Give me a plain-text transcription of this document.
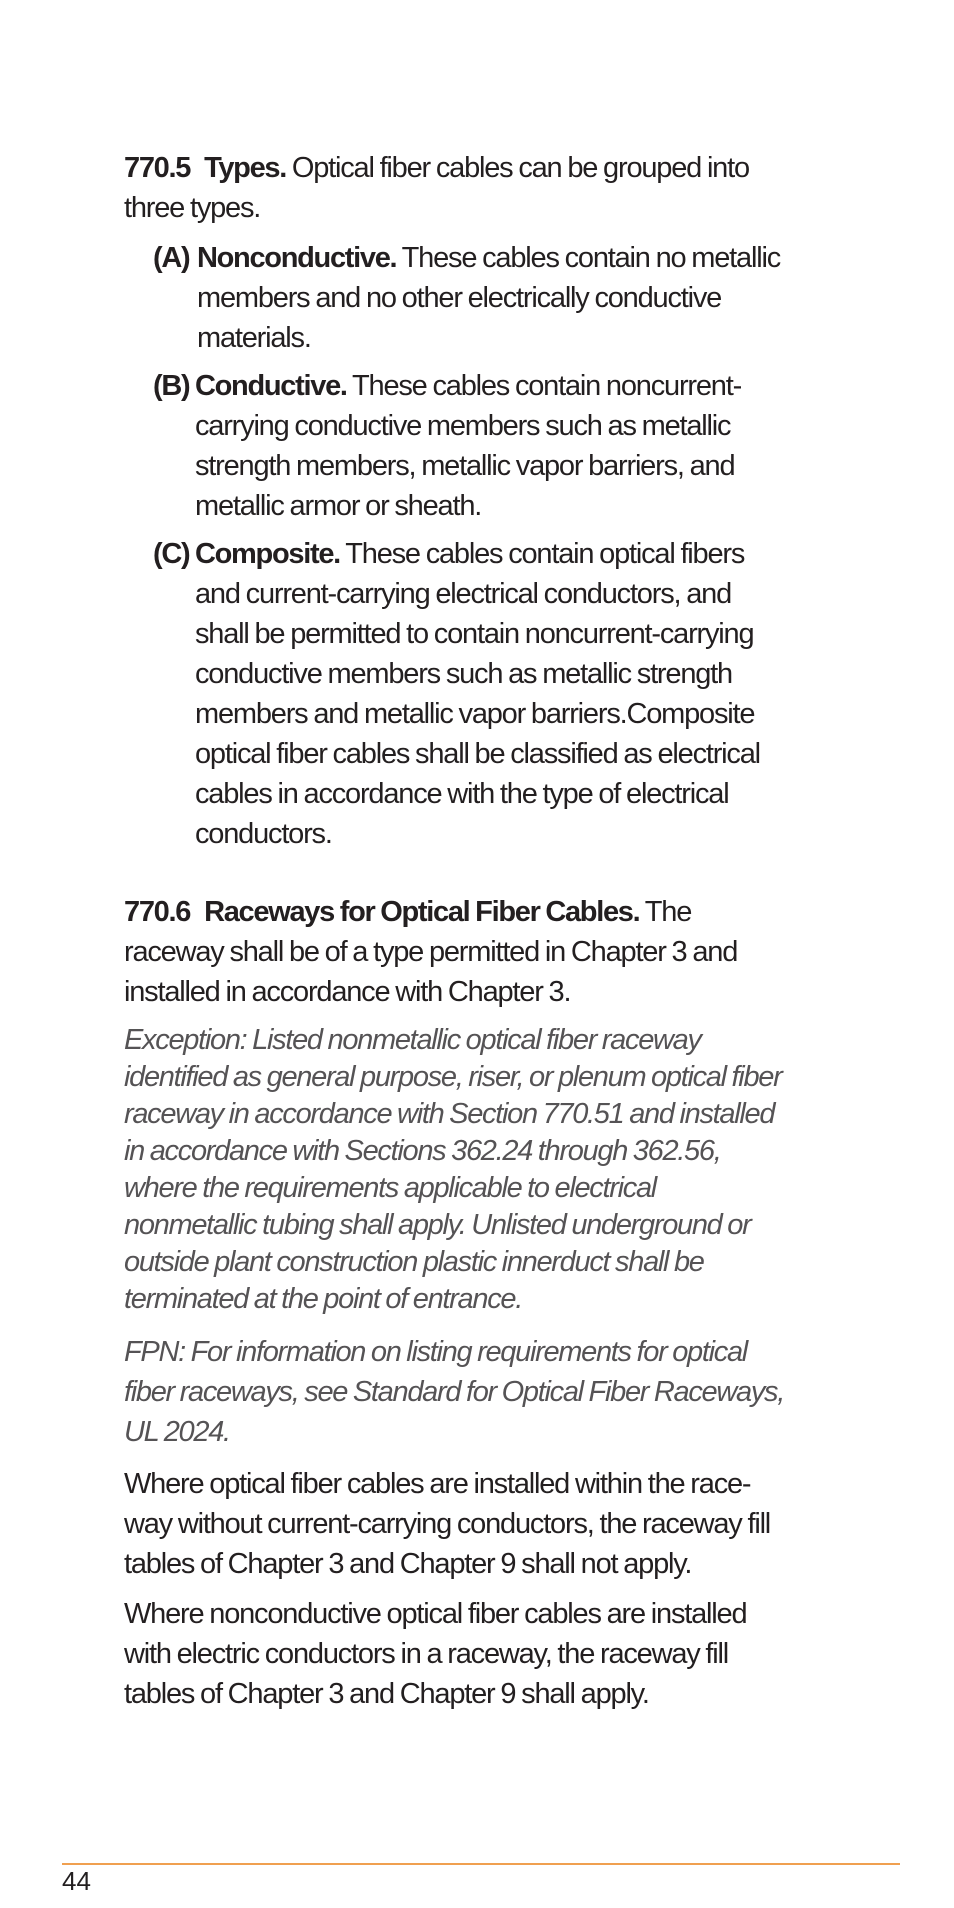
770.5 Types. Optical fiber cables can be grouped into three types.

(A) Nonconductive. These cables contain no metallic members and no other electrically conductive materials.
(B) Conductive. These cables contain noncurrent-carrying conductive members such as metallic strength members, metallic vapor barriers, and metallic armor or sheath.
(C) Composite. These cables contain optical fibers and current-carrying electrical conductors, and shall be permitted to contain noncurrent-carrying conductive members such as metallic strength members and metallic vapor barriers.Composite optical fiber cables shall be classified as electrical cables in accordance with the type of electrical conductors.

770.6 Raceways for Optical Fiber Cables. The raceway shall be of a type permitted in Chapter 3 and installed in accordance with Chapter 3.

Exception: Listed nonmetallic optical fiber raceway identified as general purpose, riser, or plenum optical fiber raceway in accordance with Section 770.51 and installed in accordance with Sections 362.24 through 362.56, where the requirements applicable to electrical nonmetallic tubing shall apply. Unlisted underground or outside plant construction plastic innerduct shall be terminated at the point of entrance.

FPN: For information on listing requirements for optical fiber raceways, see Standard for Optical Fiber Raceways, UL 2024.

Where optical fiber cables are installed within the race-way without current-carrying conductors, the raceway fill tables of Chapter 3 and Chapter 9 shall not apply.

Where nonconductive optical fiber cables are installed with electric conductors in a raceway, the raceway fill tables of Chapter 3 and Chapter 9 shall apply.

44
